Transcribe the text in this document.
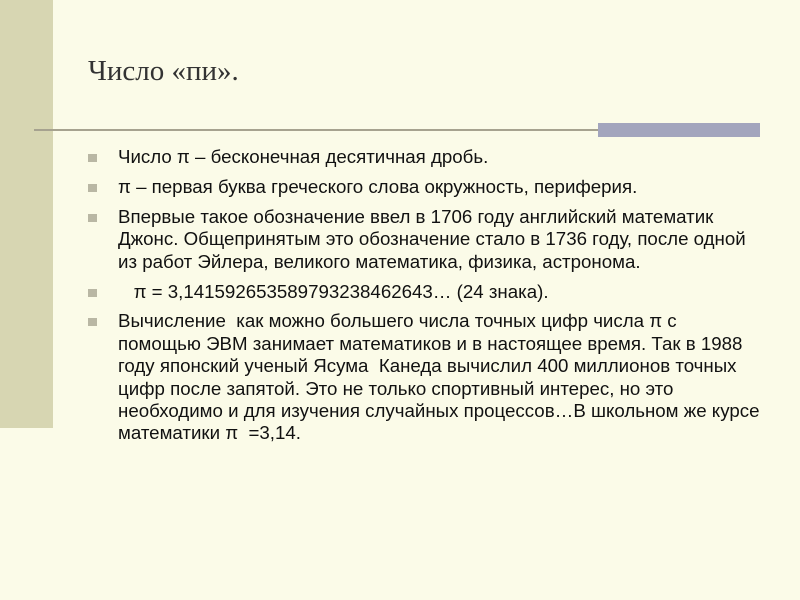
Число «пи».
Число π – бесконечная десятичная дробь.
π – первая буква греческого слова окружность, периферия.
Впервые такое обозначение ввел в 1706 году английский математик Джонс. Общепринятым это обозначение стало в 1736 году, после одной из работ Эйлера, великого математика, физика, астронома.
π = 3,141592653589793238462643… (24 знака).
Вычисление  как можно большего числа точных цифр числа π с помощью ЭВМ занимает математиков и в настоящее время. Так в 1988 году японский ученый Ясума  Канеда вычислил 400 миллионов точных цифр после запятой. Это не только спортивный интерес, но это необходимо и для изучения случайных процессов…В школьном же курсе математики π  =3,14.
